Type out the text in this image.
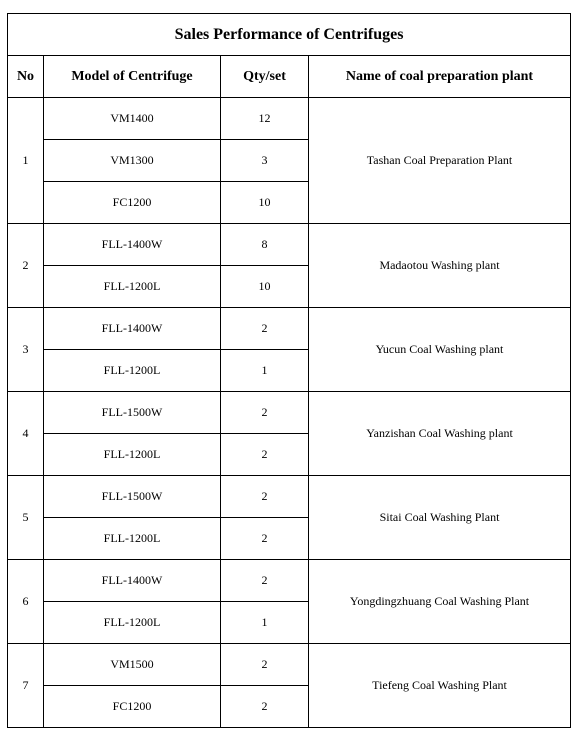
Sales Performance of Centrifuges			
No	Model of Centrifuge	Qty/set	Name of coal preparation plant
1	VM1400	12	Tashan Coal Preparation Plant
	VM1300	3	
	FC1200	10	
2	FLL-1400W	8	Madaotou Washing plant
	FLL-1200L	10	
3	FLL-1400W	2	Yucun Coal Washing plant
	FLL-1200L	1	
4	FLL-1500W	2	Yanzishan Coal Washing plant
	FLL-1200L	2	
5	FLL-1500W	2	Sitai Coal Washing Plant
	FLL-1200L	2	
6	FLL-1400W	2	Yongdingzhuang Coal Washing Plant
	FLL-1200L	1	
7	VM1500	2	Tiefeng Coal Washing Plant
	FC1200	2	
